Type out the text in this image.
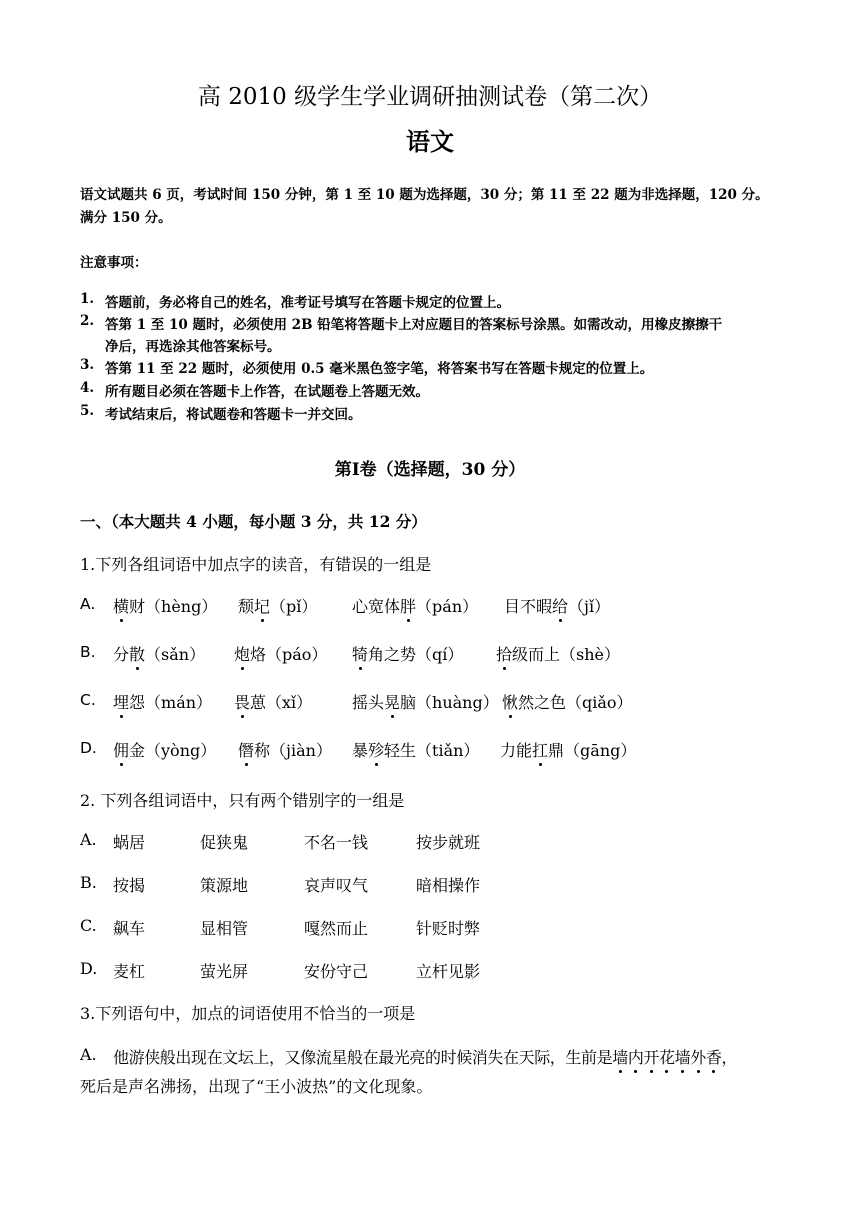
高 2010 级学生学业调研抽测试卷（第二次）
语文
语文试题共 6 页，考试时间 150 分钟，第 1 至 10 题为选择题，30 分；第 11 至 22 题为非选择题，120 分。
满分 150 分。
注意事项：
1. 答题前，务必将自己的姓名，准考证号填写在答题卡规定的位置上。
2. 答第 1 至 10 题时，必须使用 2B 铅笔将答题卡上对应题目的答案标号涂黑。如需改动，用橡皮擦擦干
净后，再选涂其他答案标号。
3. 答第 11 至 22 题时，必须使用 0.5 毫米黑色签字笔，将答案书写在答题卡规定的位置上。
4. 所有题目必须在答题卡上作答，在试题卷上答题无效。
5. 考试结束后，将试题卷和答题卡一并交回。
第Ⅰ卷（选择题，30 分）
一、（本大题共 4 小题，每小题 3 分，共 12 分）
1.下列各组词语中加点字的读音，有错误的一组是
A. 横财（hèng） 颓圮（pǐ） 心宽体胖（pán） 目不暇给（jǐ）
B. 分散（sǎn） 炮烙（páo） 犄角之势（qí） 拾级而上（shè）
C. 埋怨（mán） 畏葸（xǐ） 摇头晃脑（huàng） 愀然之色（qiǎo）
D. 佣金（yòng） 僭称（jiàn） 暴殄轻生（tiǎn） 力能扛鼎（gāng）
2. 下列各组词语中，只有两个错别字的一组是
A. 蜗居	促狭鬼	不名一钱	按步就班
B. 按揭	策源地	哀声叹气	暗相操作
C. 飙车	显相管	嘎然而止	针贬时弊
D. 麦杠	萤光屏	安份守己	立杆见影
3.下列语句中，加点的词语使用不恰当的一项是
A. 他游侠般出现在文坛上，又像流星般在最光亮的时候消失在天际，生前是墙内开花墙外香，
死后是声名沸扬，出现了“王小波热”的文化现象。
